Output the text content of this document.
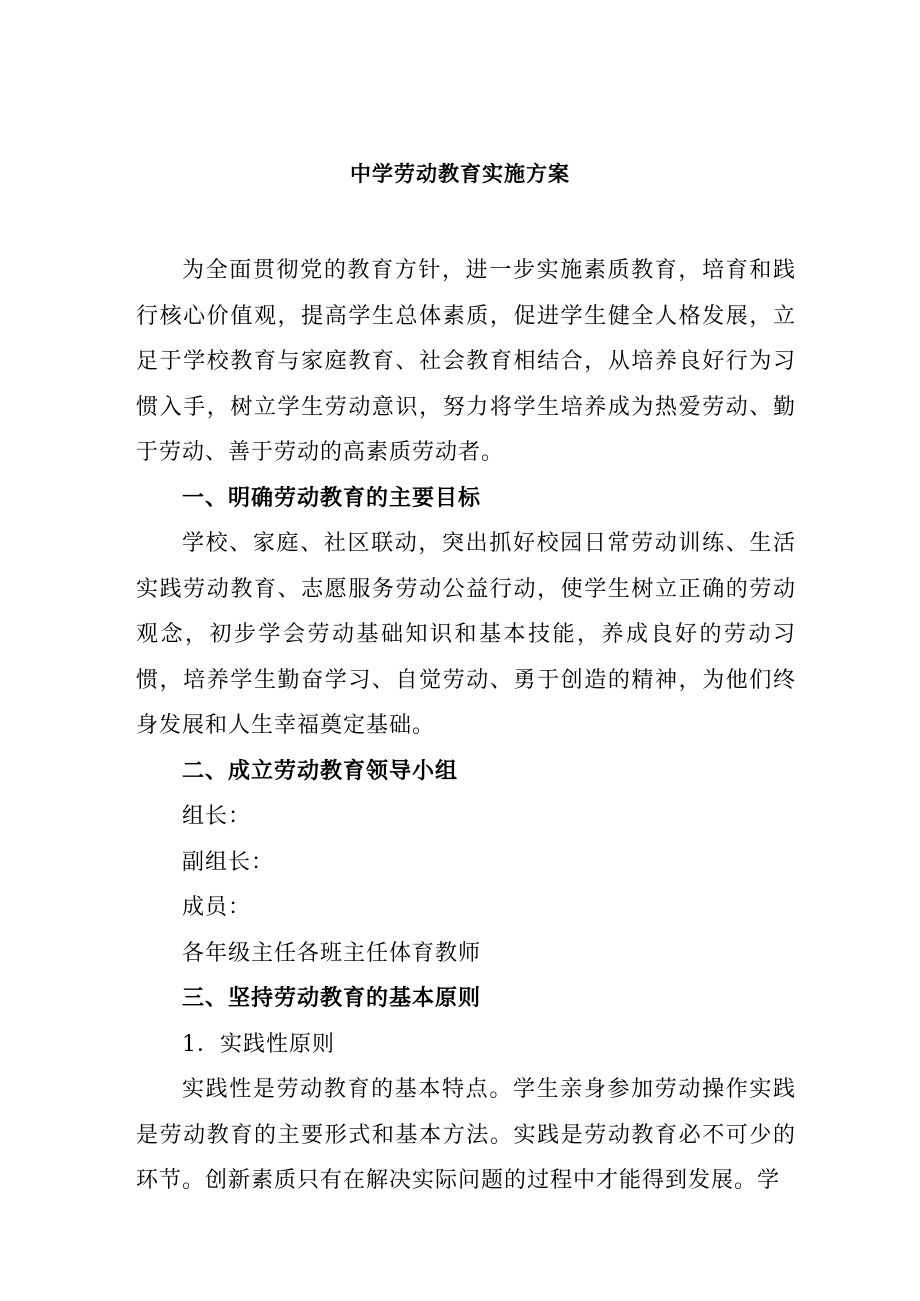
中学劳动教育实施方案

为全面贯彻党的教育方针，进一步实施素质教育，培育和践行核心价值观，提高学生总体素质，促进学生健全人格发展，立足于学校教育与家庭教育、社会教育相结合，从培养良好行为习惯入手，树立学生劳动意识，努力将学生培养成为热爱劳动、勤于劳动、善于劳动的高素质劳动者。

一、明确劳动教育的主要目标

学校、家庭、社区联动，突出抓好校园日常劳动训练、生活实践劳动教育、志愿服务劳动公益行动，使学生树立正确的劳动观念，初步学会劳动基础知识和基本技能，养成良好的劳动习惯，培养学生勤奋学习、自觉劳动、勇于创造的精神，为他们终身发展和人生幸福奠定基础。

二、成立劳动教育领导小组

组长：

副组长：

成员：

各年级主任各班主任体育教师

三、坚持劳动教育的基本原则

1．实践性原则

实践性是劳动教育的基本特点。学生亲身参加劳动操作实践是劳动教育的主要形式和基本方法。实践是劳动教育必不可少的环节。创新素质只有在解决实际问题的过程中才能得到发展。学
